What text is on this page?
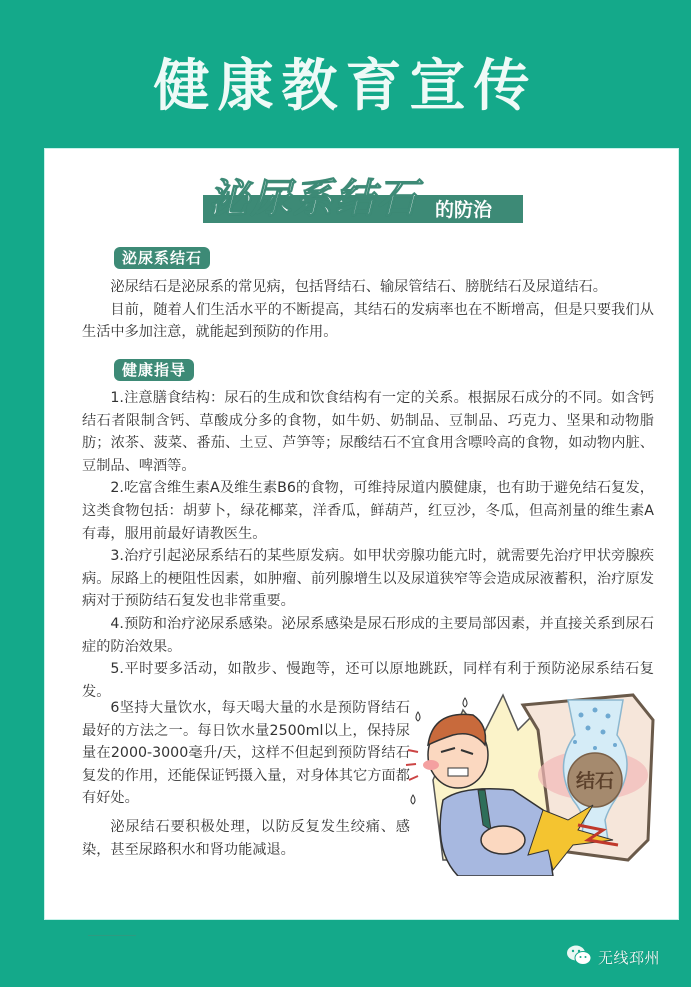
健康教育宣传
泌尿系结石 的防治
泌尿系结石

泌尿结石是泌尿系的常见病，包括肾结石、输尿管结石、膀胱结石及尿道结石。

目前，随着人们生活水平的不断提高，其结石的发病率也在不断增高，但是只要我们从生活中多加注意，就能起到预防的作用。

健康指导

1.注意膳食结构：尿石的生成和饮食结构有一定的关系。根据尿石成分的不同。如含钙结石者限制含钙、草酸成分多的食物，如牛奶、奶制品、豆制品、巧克力、坚果和动物脂肪；浓茶、菠菜、番茄、土豆、芦笋等；尿酸结石不宜食用含嘌呤高的食物，如动物内脏、豆制品、啤酒等。

2.吃富含维生素A及维生素B6的食物，可维持尿道内膜健康，也有助于避免结石复发，这类食物包括：胡萝卜，绿花椰菜，洋香瓜，鲜葫芦，红豆沙，冬瓜，但高剂量的维生素A有毒，服用前最好请教医生。

3.治疗引起泌尿系结石的某些原发病。如甲状旁腺功能亢时，就需要先治疗甲状旁腺疾病。尿路上的梗阻性因素，如肿瘤、前列腺增生以及尿道狭窄等会造成尿液蓄积，治疗原发病对于预防结石复发也非常重要。

4.预防和治疗泌尿系感染。泌尿系感染是尿石形成的主要局部因素，并直接关系到尿石症的防治效果。

5.平时要多活动，如散步、慢跑等，还可以原地跳跃，同样有利于预防泌尿系结石复发。

6坚持大量饮水，每天喝大量的水是预防肾结石最好的方法之一。每日饮水量2500ml以上，保持尿量在2000-3000毫升/天，这样不但起到预防肾结石复发的作用，还能保证钙摄入量，对身体其它方面都有好处。

泌尿结石要积极处理，以防反复发生绞痛、感染，甚至尿路积水和肾功能减退。

结石
无线邳州
